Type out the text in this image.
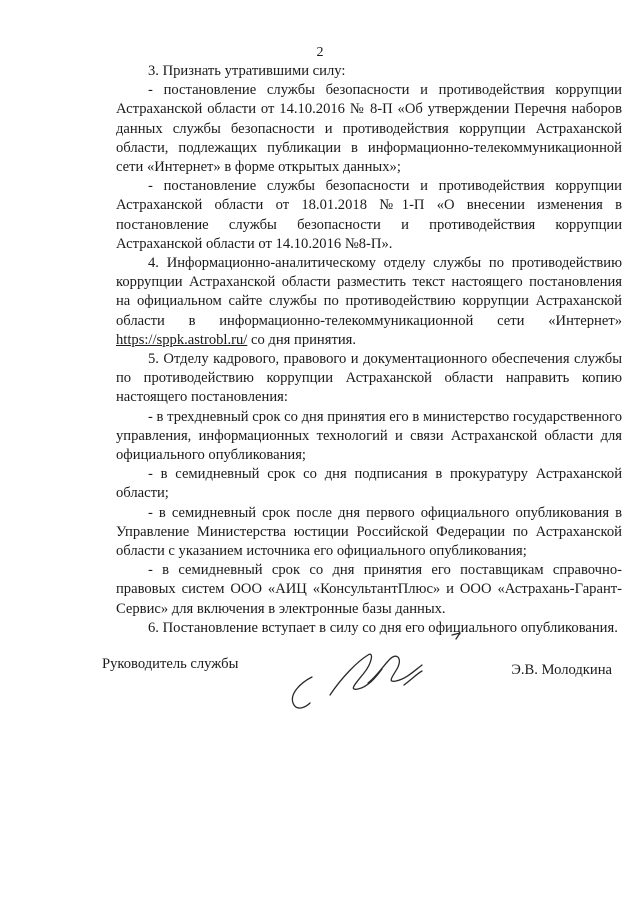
2

3. Признать утратившими силу:

- постановление службы безопасности и противодействия коррупции Астраханской области от 14.10.2016 № 8-П «Об утверждении Перечня наборов данных службы безопасности и противодействия коррупции Астраханской области, подлежащих публикации в информационно-телекоммуникационной сети «Интернет» в форме открытых данных»;

- постановление службы безопасности и противодействия коррупции Астраханской области от 18.01.2018 №1-П «О внесении изменения в постановление службы безопасности и противодействия коррупции Астраханской области от 14.10.2016 №8-П».

4. Информационно-аналитическому отделу службы по противодействию коррупции Астраханской области разместить текст настоящего постановления на официальном сайте службы по противодействию коррупции Астраханской области в информационно-телекоммуникационной сети «Интернет» https://sppk.astrobl.ru/ со дня принятия.

5. Отделу кадрового, правового и документационного обеспечения службы по противодействию коррупции Астраханской области направить копию настоящего постановления:

- в трехдневный срок со дня принятия его в министерство государственного управления, информационных технологий и связи Астраханской области для официального опубликования;

- в семидневный срок со дня подписания в прокуратуру Астраханской области;

- в семидневный срок после дня первого официального опубликования в Управление Министерства юстиции Российской Федерации по Астраханской области с указанием источника его официального опубликования;

- в семидневный срок со дня принятия его поставщикам справочно-правовых систем ООО «АИЦ «КонсультантПлюс» и ООО «Астрахань-Гарант-Сервис» для включения в электронные базы данных.

6. Постановление вступает в силу со дня его официального опубликования.

Руководитель службы	Э.В. Молодкина
